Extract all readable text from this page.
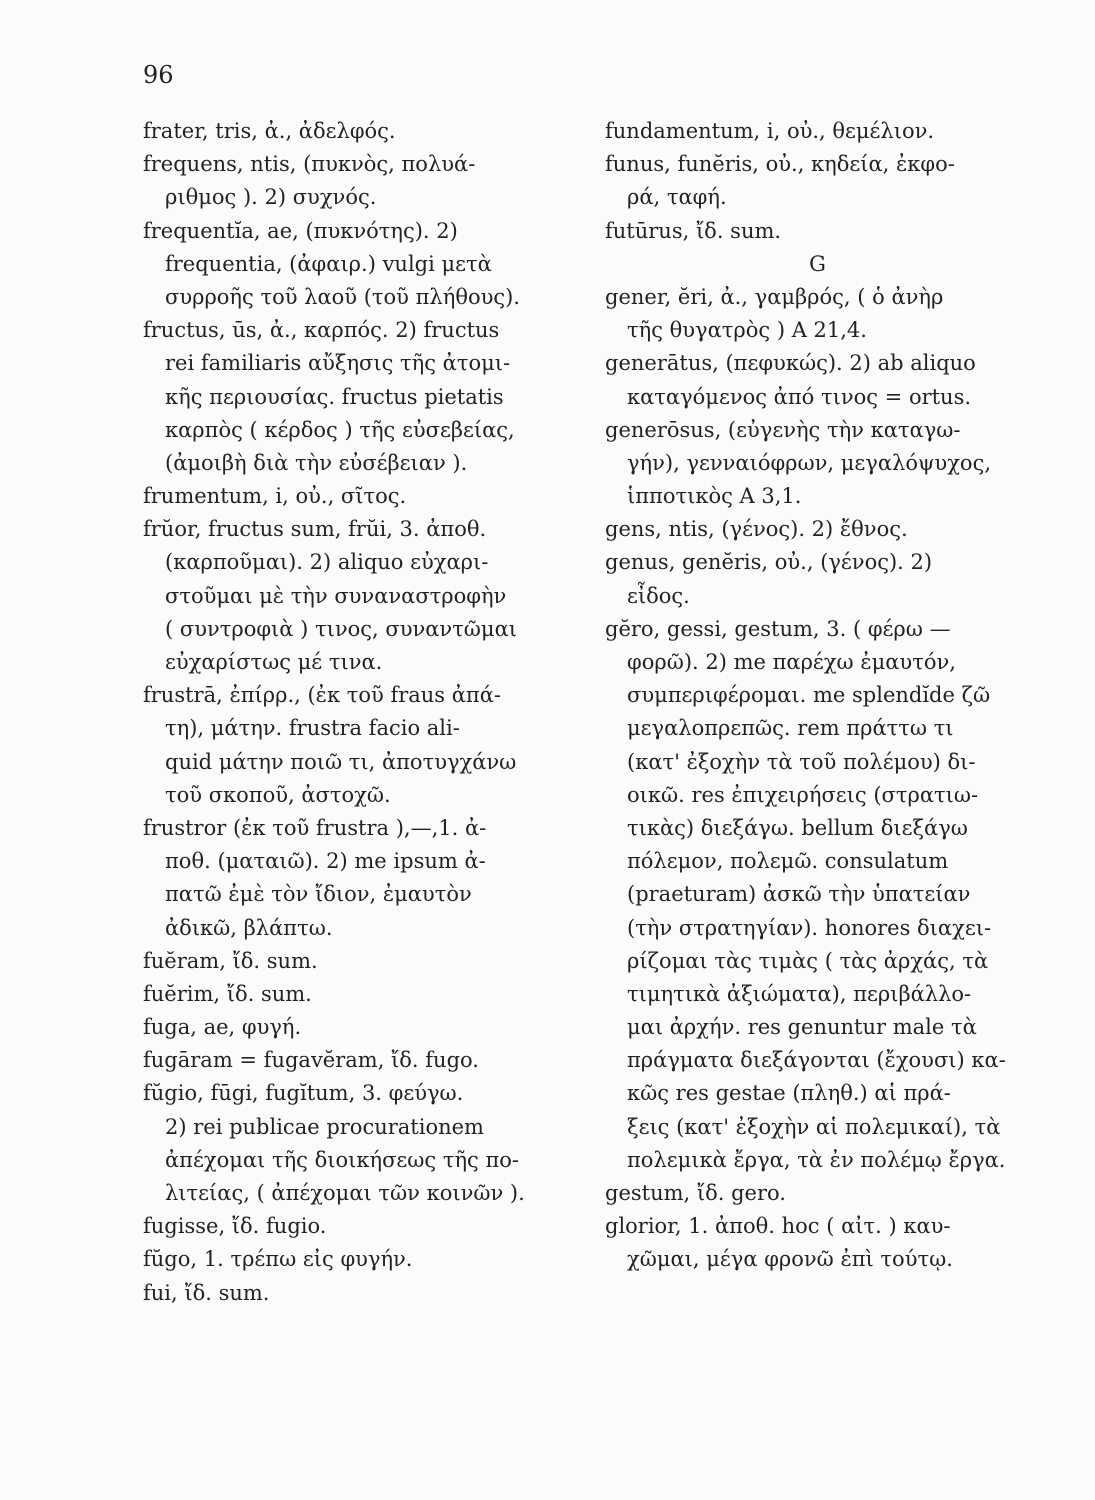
96
frater, tris, ἀ., ἀδελφός.
frequens, ntis, (πυκνὸς, πολυά-
ριθμος ). 2) συχνός.
frequentĭa, ae, (πυκνότης). 2)
frequentia, (ἀφαιρ.) vulgi μετὰ
συρροῆς τοῦ λαοῦ (τοῦ πλήθους).
fructus, ūs, ἀ., καρπός. 2) fructus
rei familiaris αὔξησις τῆς ἀτομι-
κῆς περιουσίας. fructus pietatis
καρπὸς ( κέρδος ) τῆς εὐσεβείας,
(ἀμοιβὴ διὰ τὴν εὐσέβειαν ).
frumentum, i, οὐ., σῖτος.
frŭor, fructus sum, frŭi, 3. ἀποθ.
(καρποῦμαι). 2) aliquo εὐχαρι-
στοῦμαι μὲ τὴν συναναστροφὴν
( συντροφιὰ ) τινος, συναντῶμαι
εὐχαρίστως μέ τινα.
frustrā, ἐπίρρ., (ἐκ τοῦ fraus ἀπά-
τη), μάτην. frustra facio ali-
quid μάτην ποιῶ τι, ἀποτυγχάνω
τοῦ σκοποῦ, ἀστοχῶ.
frustror (ἐκ τοῦ frustra ),—,1. ἀ-
ποθ. (ματαιῶ). 2) me ipsum ἀ-
πατῶ ἐμὲ τὸν ἴδιον, ἐμαυτὸν
ἀδικῶ, βλάπτω.
fuĕram, ἴδ. sum.
fuĕrim, ἴδ. sum.
fuga, ae, φυγή.
fugāram = fugavĕram, ἴδ. fugo.
fŭgio, fūgi, fugĭtum, 3. φεύγω.
2) rei publicae procurationem
ἀπέχομαι τῆς διοικήσεως τῆς πο-
λιτείας, ( ἀπέχομαι τῶν κοινῶν ).
fugisse, ἴδ. fugio.
fŭgo, 1. τρέπω εἰς φυγήν.
fui, ἴδ. sum.
fundamentum, i, οὐ., θεμέλιον.
funus, funĕris, οὐ., κηδεία, ἐκφο-
ρά, ταφή.
futūrus, ἴδ. sum.
G
gener, ĕri, ἀ., γαμβρός, ( ὁ ἀνὴρ
τῆς θυγατρὸς ) A 21,4.
generātus, (πεφυκώς). 2) ab aliquo
καταγόμενος ἀπό τινος = ortus.
generōsus, (εὐγενὴς τὴν καταγω-
γήν), γενναιόφρων, μεγαλόψυχος,
ἱπποτικὸς A 3,1.
gens, ntis, (γένος). 2) ἔθνος.
genus, genĕris, οὐ., (γένος). 2)
εἶδος.
gĕro, gessi, gestum, 3. ( φέρω —
φορῶ). 2) me παρέχω ἐμαυτόν,
συμπεριφέρομαι. me splendĭde ζῶ
μεγαλοπρεπῶς. rem πράττω τι
(κατ' ἐξοχὴν τὰ τοῦ πολέμου) δι-
οικῶ. res ἐπιχειρήσεις (στρατιω-
τικὰς) διεξάγω. bellum διεξάγω
πόλεμον, πολεμῶ. consulatum
(praeturam) ἀσκῶ τὴν ὑπατείαν
(τὴν στρατηγίαν). honores διαχει-
ρίζομαι τὰς τιμὰς ( τὰς ἀρχάς, τὰ
τιμητικὰ ἀξιώματα), περιβάλλο-
μαι ἀρχήν. res genuntur male τὰ
πράγματα διεξάγονται (ἔχουσι) κα-
κῶς res gestae (πληθ.) αἱ πρά-
ξεις (κατ' ἐξοχὴν αἱ πολεμικαί), τὰ
πολεμικὰ ἔργα, τὰ ἐν πολέμῳ ἔργα.
gestum, ἴδ. gero.
glorior, 1. ἀποθ. hoc ( αἰτ. ) καυ-
χῶμαι, μέγα φρονῶ ἐπὶ τούτῳ.
